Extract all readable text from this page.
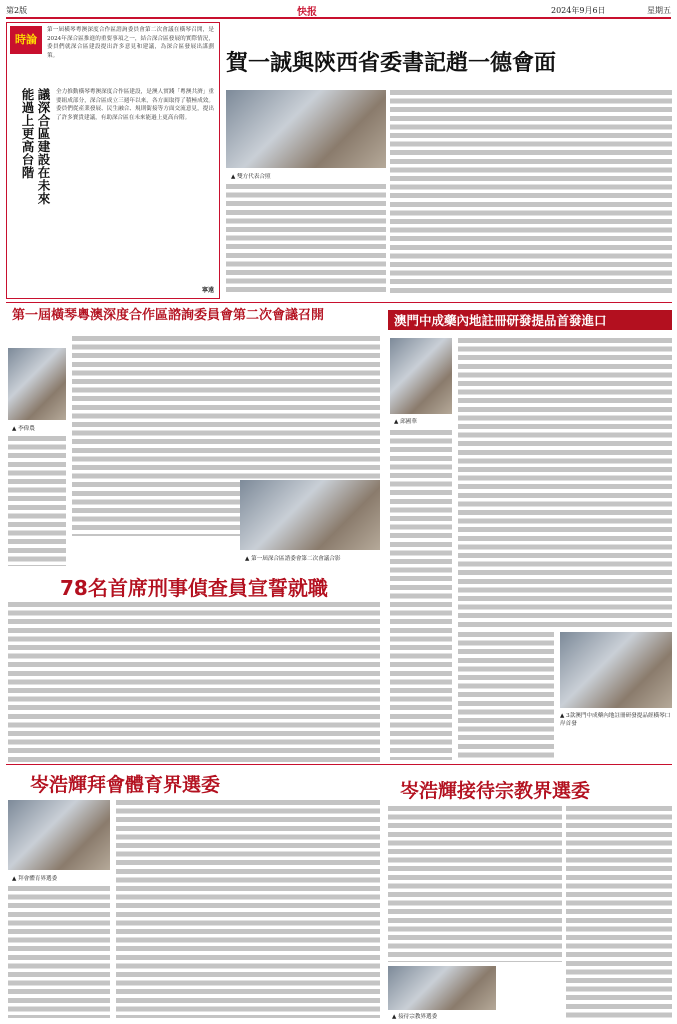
第2版	快报	2024年9月6日	星期五
時論
第一屆橫琴粵澳深度合作區諮詢委員會第二次會議在橫琴召開，是2024年深合區推進的重要事項之一，結合深合區發展的實際情況，委員們就深合區建設提出許多意見和建議，為深合區發展出謀劃策。
議深合區建設在未來
能過上更高台階	全力推動橫琴粵澳深度合作區建設，是澳人實踐「粵澳共濟」重要組成部分，深合區成立三週年以來，各方面取得了積極成效。委員們從產業發展、民生融合、規則銜接等方面交流意見，提出了許多寶貴建議，有助深合區在未來能過上更高台階。
寧遠
賀一誠與陝西省委書記趙一德會面
▲ 雙方代表合照
第一屆橫琴粵澳深度合作區諮詢委員會第二次會議召開
▲ 李偉農
▲ 第一屆深合區諮委會第二次會議合影
澳門中成藥內地註冊研發提品首發進口
▲ 邱國華
▲ 3款澳門中成藥內地註冊研發提品經橫琴口岸首發
78名首席刑事偵查員宣誓就職
岑浩輝拜會體育界選委
▲ 拜會體育界選委
岑浩輝接待宗教界選委
▲ 接待宗教界選委
